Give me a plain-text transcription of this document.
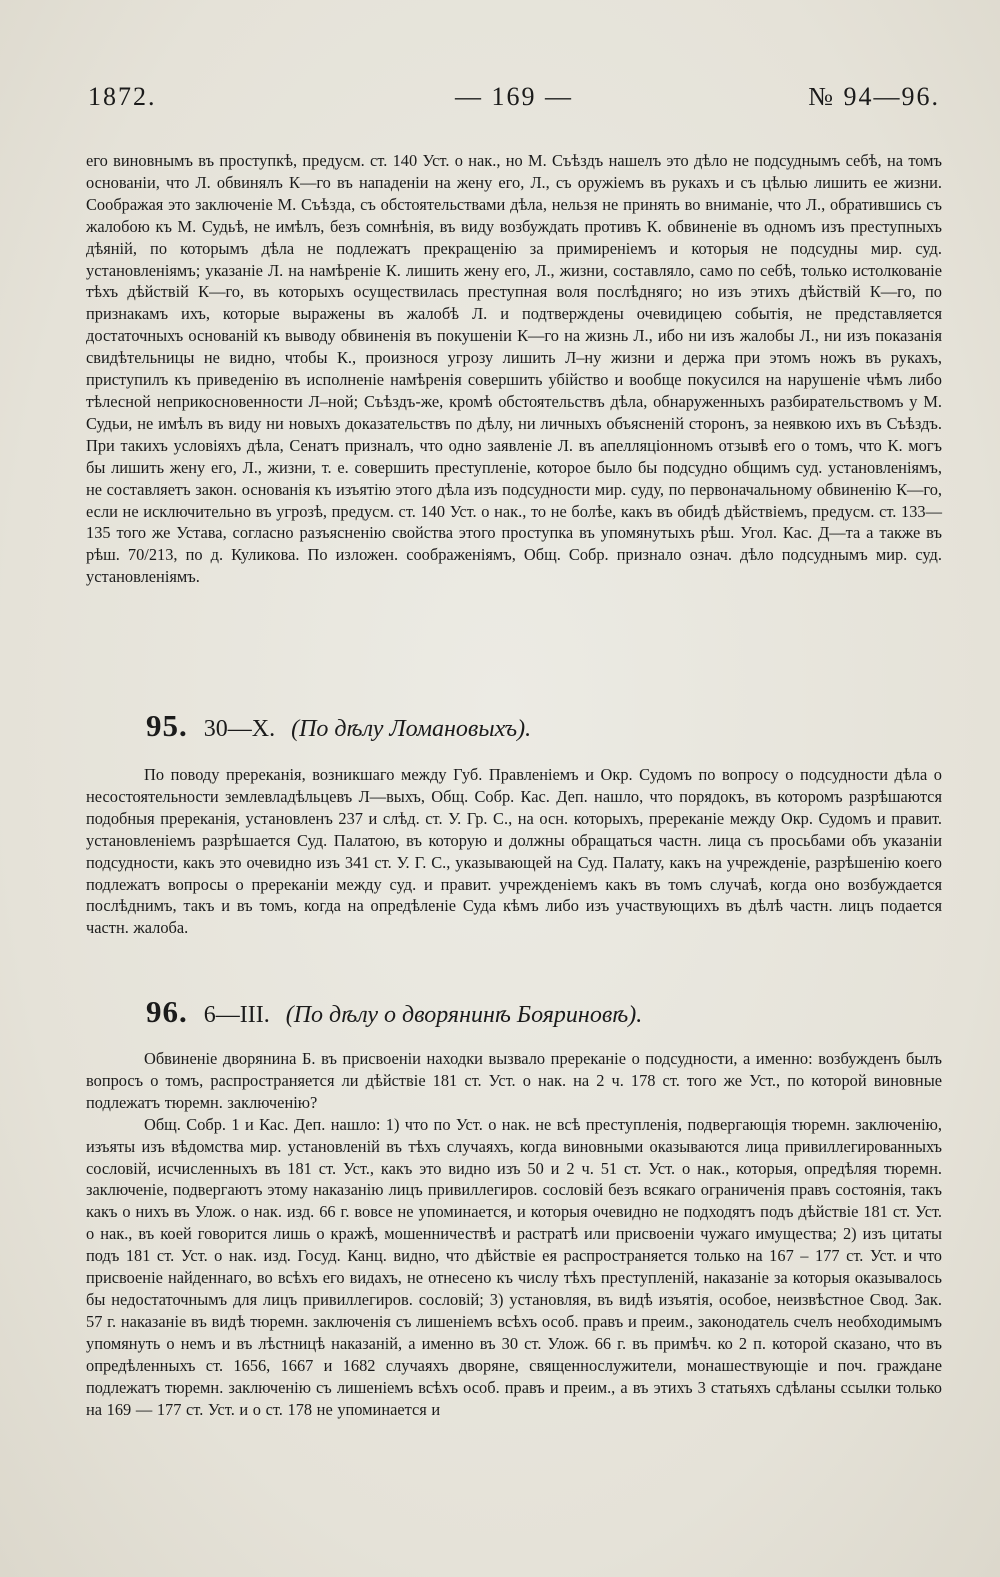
1872.	— 169 —	№ 94—96.

его виновнымъ въ проступкѣ, предусм. ст. 140 Уст. о нак., но М. Съѣздъ нашелъ это дѣло не подсуднымъ себѣ, на томъ основаніи, что Л. обвинялъ К—го въ нападеніи на жену его, Л., съ оружіемъ въ рукахъ и съ цѣлью лишить ее жизни. Соображая это заключеніе М. Съѣзда, съ обстоятельствами дѣла, нельзя не принять во вниманіе, что Л., обратившись съ жалобою къ М. Судьѣ, не имѣлъ, безъ сомнѣнія, въ виду возбуждать противъ К. обвиненіе въ одномъ изъ преступныхъ дѣяній, по которымъ дѣла не подлежатъ прекращенію за примиреніемъ и которыя не подсудны мир. суд. установленіямъ; указаніе Л. на намѣреніе К. лишить жену его, Л., жизни, составляло, само по себѣ, только истолкованіе тѣхъ дѣйствій К—го, въ которыхъ осуществилась преступная воля послѣдняго; но изъ этихъ дѣйствій К—го, по признакамъ ихъ, которые выражены въ жалобѣ Л. и подтверждены очевидицею событія, не представляется достаточныхъ основаній къ выводу обвиненія въ покушеніи К—го на жизнь Л., ибо ни изъ жалобы Л., ни изъ показанія свидѣтельницы не видно, чтобы К., произнося угрозу лишить Л–ну жизни и держа при этомъ ножъ въ рукахъ, приступилъ къ приведенію въ исполненіе намѣренія совершить убійство и вообще покусился на нарушеніе чѣмъ либо тѣлесной неприкосновенности Л–ной; Съѣздъ-же, кромѣ обстоятельствъ дѣла, обнаруженныхъ разбирательствомъ у М. Судьи, не имѣлъ въ виду ни новыхъ доказательствъ по дѣлу, ни личныхъ объясненій сторонъ, за неявкою ихъ въ Съѣздъ. При такихъ условіяхъ дѣла, Сенатъ призналъ, что одно заявленіе Л. въ апелляціонномъ отзывѣ его о томъ, что К. могъ бы лишить жену его, Л., жизни, т. е. совершить преступленіе, которое было бы подсудно общимъ суд. установленіямъ, не составляетъ закон. основанія къ изъятію этого дѣла изъ подсудности мир. суду, по первоначальному обвиненію К—го, если не исключительно въ угрозѣ, предусм. ст. 140 Уст. о нак., то не болѣе, какъ въ обидѣ дѣйствіемъ, предусм. ст. 133—135 того же Устава, согласно разъясненію свойства этого проступка въ упомянутыхъ рѣш. Угол. Кас. Д—та а также въ рѣш. 70/213, по д. Куликова. По изложен. соображеніямъ, Общ. Собр. признало означ. дѣло подсуднымъ мир. суд. установленіямъ.

95. 30—X. (По дѣлу Ломановыхъ).

По поводу пререканія, возникшаго между Губ. Правленіемъ и Окр. Судомъ по вопросу о подсудности дѣла о несостоятельности землевладѣльцевъ Л—выхъ, Общ. Собр. Кас. Деп. нашло, что порядокъ, въ которомъ разрѣшаются подобныя пререканія, установленъ 237 и слѣд. ст. У. Гр. С., на осн. которыхъ, пререканіе между Окр. Судомъ и правит. установленіемъ разрѣшается Суд. Палатою, въ которую и должны обращаться частн. лица съ просьбами объ указаніи подсудности, какъ это очевидно изъ 341 ст. У. Г. С., указывающей на Суд. Палату, какъ на учрежденіе, разрѣшенію коего подлежатъ вопросы о пререканіи между суд. и правит. учрежденіемъ какъ въ томъ случаѣ, когда оно возбуждается послѣднимъ, такъ и въ томъ, когда на опредѣленіе Суда кѣмъ либо изъ участвующихъ въ дѣлѣ частн. лицъ подается частн. жалоба.

96. 6—III. (По дѣлу о дворянинѣ Бояриновѣ).

Обвиненіе дворянина Б. въ присвоеніи находки вызвало пререканіе о подсудности, а именно: возбужденъ былъ вопросъ о томъ, распространяется ли дѣйствіе 181 ст. Уст. о нак. на 2 ч. 178 ст. того же Уст., по которой виновные подлежатъ тюремн. заключенію?

Общ. Собр. 1 и Кас. Деп. нашло: 1) что по Уст. о нак. не всѣ преступленія, подвергающія тюремн. заключенію, изъяты изъ вѣдомства мир. установленій въ тѣхъ случаяхъ, когда виновными оказываются лица привиллегированныхъ сословій, исчисленныхъ въ 181 ст. Уст., какъ это видно изъ 50 и 2 ч. 51 ст. Уст. о нак., которыя, опредѣляя тюремн. заключеніе, подвергаютъ этому наказанію лицъ привиллегиров. сословій безъ всякаго ограниченія правъ состоянія, такъ какъ о нихъ въ Улож. о нак. изд. 66 г. вовсе не упоминается, и которыя очевидно не подходятъ подъ дѣйствіе 181 ст. Уст. о нак., въ коей говорится лишь о кражѣ, мошенничествѣ и растратѣ или присвоеніи чужаго имущества; 2) изъ цитаты подъ 181 ст. Уст. о нак. изд. Госуд. Канц. видно, что дѣйствіе ея распространяется только на 167 – 177 ст. Уст. и что присвоеніе найденнаго, во всѣхъ его видахъ, не отнесено къ числу тѣхъ преступленій, наказаніе за которыя оказывалось бы недостаточнымъ для лицъ привиллегиров. сословій; 3) установляя, въ видѣ изъятія, особое, неизвѣстное Свод. Зак. 57 г. наказаніе въ видѣ тюремн. заключенія съ лишеніемъ всѣхъ особ. правъ и преим., законодатель счелъ необходимымъ упомянуть о немъ и въ лѣстницѣ наказаній, а именно въ 30 ст. Улож. 66 г. въ примѣч. ко 2 п. которой сказано, что въ опредѣленныхъ ст. 1656, 1667 и 1682 случаяхъ дворяне, священнослужители, монашествующіе и поч. граждане подлежатъ тюремн. заключенію съ лишеніемъ всѣхъ особ. правъ и преим., а въ этихъ 3 статьяхъ сдѣланы ссылки только на 169 — 177 ст. Уст. и о ст. 178 не упоминается и
